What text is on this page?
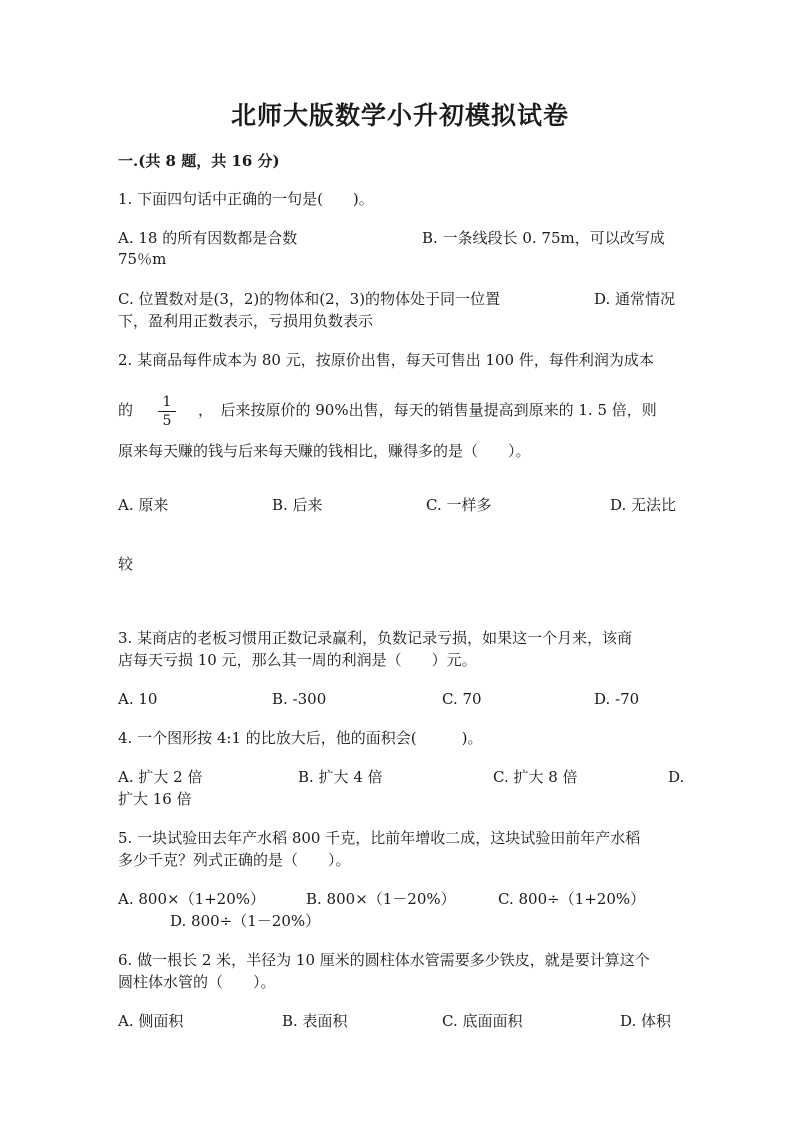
北师大版数学小升初模拟试卷
一.(共 8 题，共 16 分)
1. 下面四句话中正确的一句是(　　)。
A. 18 的所有因数都是合数	B. 一条线段长 0. 75m，可以改写成
75％m
C. 位置数对是(3，2)的物体和(2，3)的物体处于同一位置	D. 通常情况
下，盈利用正数表示，亏损用负数表示
2. 某商品每件成本为 80 元，按原价出售，每天可售出 100 件，每件利润为成本
的	1
5
，　后来按原价的 90%出售，每天的销售量提高到原来的 1. 5 倍，则
原来每天赚的钱与后来每天赚的钱相比，赚得多的是（　　）。
A. 原来	B. 后来	C. 一样多	D. 无法比
较
3. 某商店的老板习惯用正数记录赢利，负数记录亏损，如果这一个月来，该商
店每天亏损 10 元，那么其一周的利润是（　　）元。
A. 10	B. -300	C. 70	D. -70
4. 一个图形按 4:1 的比放大后，他的面积会(　　　)。
A. 扩大 2 倍	B. 扩大 4 倍	C. 扩大 8 倍	D.
扩大 16 倍
5. 一块试验田去年产水稻 800 千克，比前年增收二成，这块试验田前年产水稻
多少千克？列式正确的是（　　）。
A. 800×（1+20%）	B. 800×（1－20%）	C. 800÷（1+20%）
D. 800÷（1－20%）
6. 做一根长 2 米，半径为 10 厘米的圆柱体水管需要多少铁皮，就是要计算这个
圆柱体水管的（　　）。
A. 侧面积	B. 表面积	C. 底面面积	D. 体积
